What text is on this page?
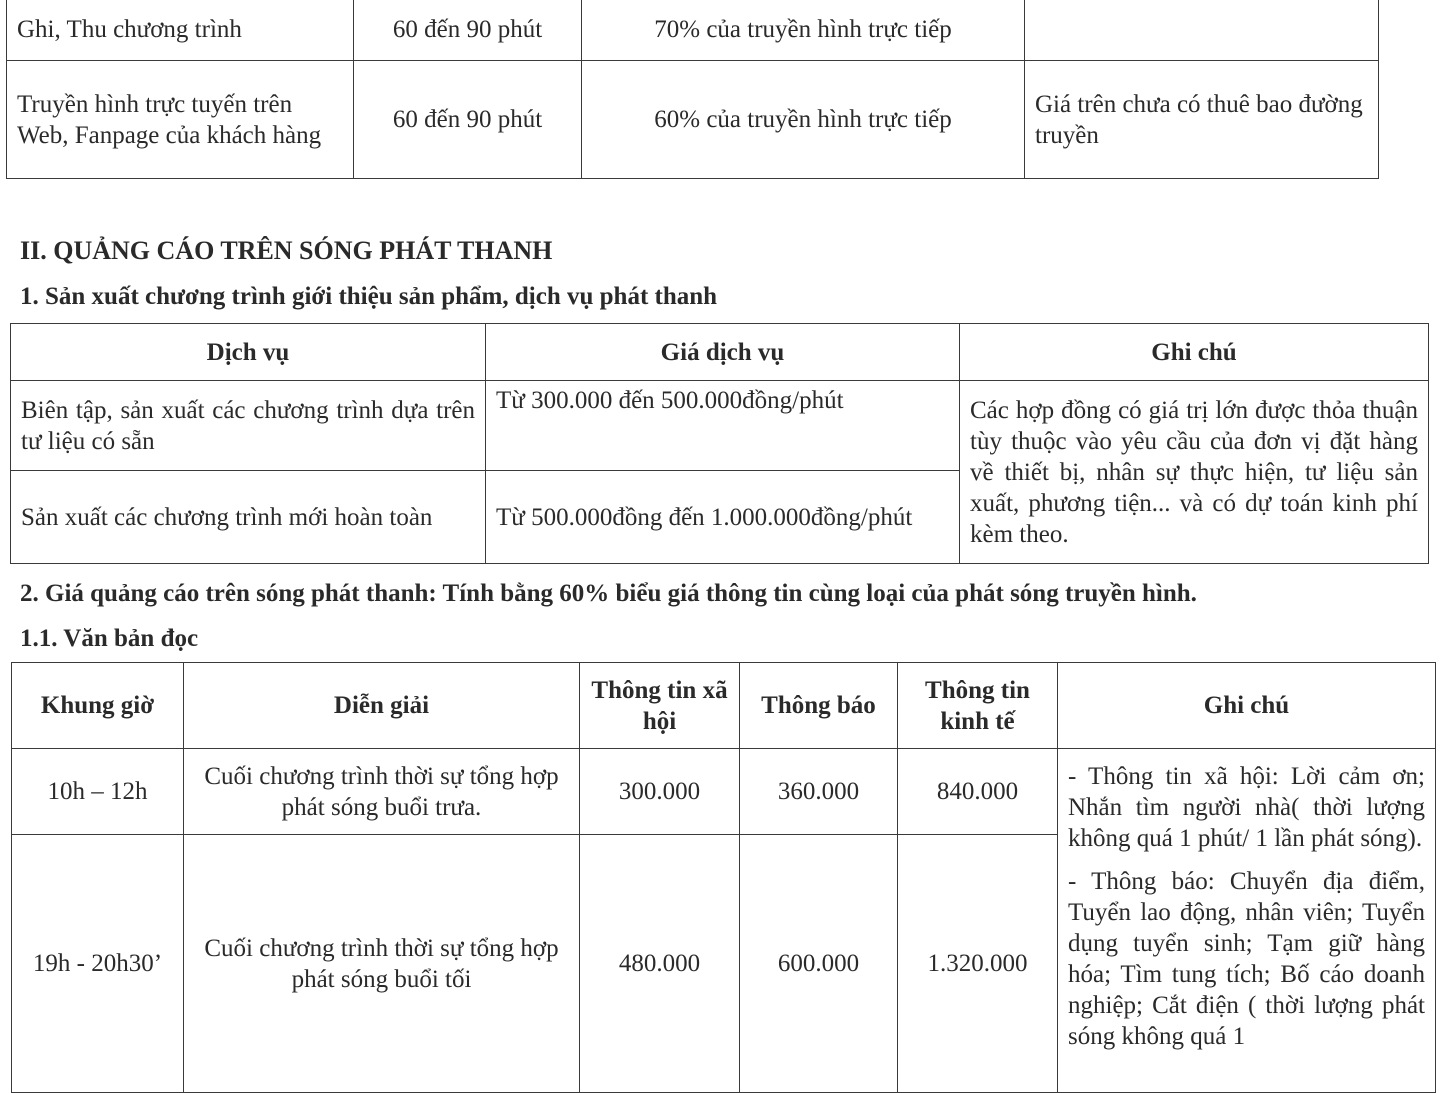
Ghi, Thu chương trình	60 đến 90 phút	70% của truyền hình trực tiếp	
Truyền hình trực tuyến trên Web, Fanpage của khách hàng	60 đến 90 phút	60% của truyền hình trực tiếp	Giá trên chưa có thuê bao đường truyền
II. QUẢNG CÁO TRÊN SÓNG PHÁT THANH
1. Sản xuất chương trình giới thiệu sản phẩm, dịch vụ phát thanh
Dịch vụ	Giá dịch vụ	Ghi chú
Biên tập, sản xuất các chương trình dựa trên tư liệu có sẵn	Từ 300.000 đến 500.000đồng/phút	Các hợp đồng có giá trị lớn được thỏa thuận tùy thuộc vào yêu cầu của đơn vị đặt hàng về thiết bị, nhân sự thực hiện, tư liệu sản xuất, phương tiện... và có dự toán kinh phí kèm theo.
Sản xuất các chương trình mới hoàn toàn	Từ 500.000đồng đến 1.000.000đồng/phút	
2. Giá quảng cáo trên sóng phát thanh: Tính bằng 60% biểu giá thông tin cùng loại của phát sóng truyền hình.
1.1. Văn bản đọc
Khung giờ	Diễn giải	Thông tin xã hội	Thông báo	Thông tin kinh tế	Ghi chú
10h – 12h	Cuối chương trình thời sự tổng hợp phát sóng buổi trưa.	300.000	360.000	840.000	- Thông tin xã hội: Lời cảm ơn; Nhắn tìm người nhà( thời lượng không quá 1 phút/ 1 lần phát sóng).

- Thông báo: Chuyển địa điểm, Tuyển lao động, nhân viên; Tuyển dụng tuyển sinh; Tạm giữ hàng hóa; Tìm tung tích; Bố cáo doanh nghiệp; Cắt điện ( thời lượng phát sóng không quá 1

19h - 20h30’	Cuối chương trình thời sự tổng hợp phát sóng buổi tối	480.000	600.000	1.320.000	
